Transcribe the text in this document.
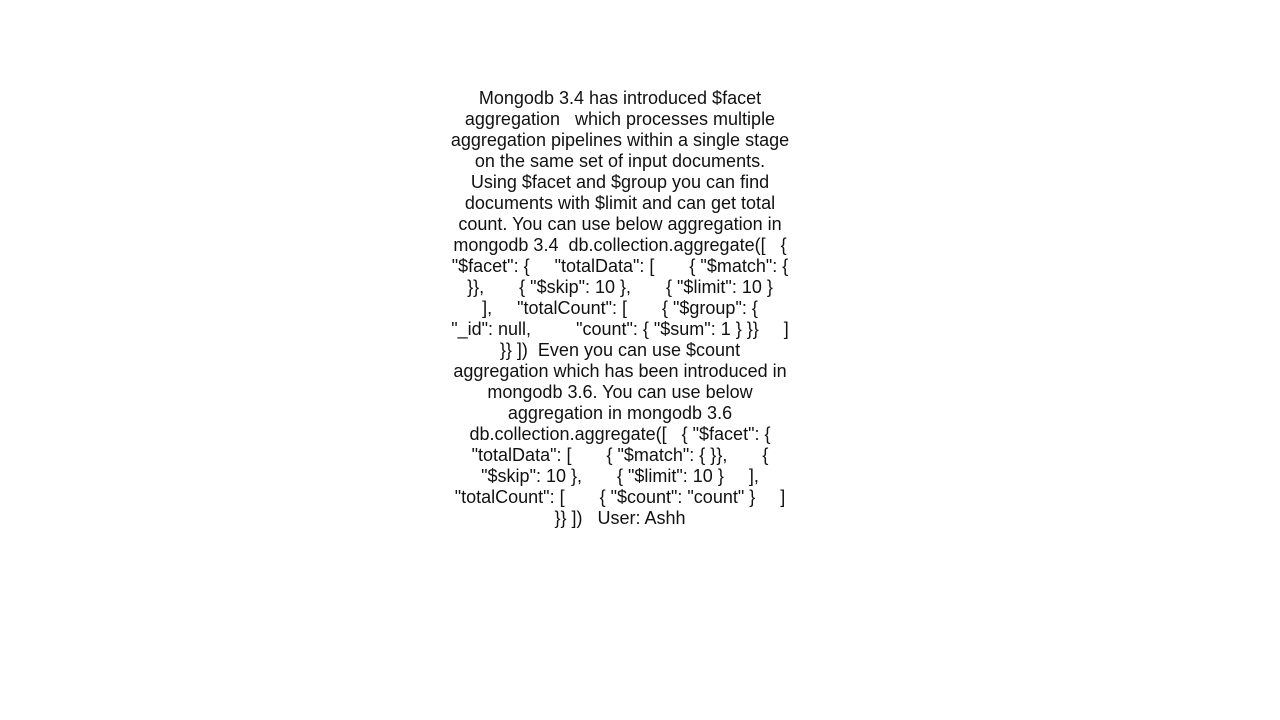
Mongodb 3.4 has introduced $facet aggregation   which processes multiple aggregation pipelines within a single stage   on the same set of input documents.  Using $facet and $group you can find documents with $limit and can get total count. You can use below aggregation in mongodb 3.4  db.collection.aggregate([   { "$facet": {     "totalData": [       { "$match": { }},       { "$skip": 10 },       { "$limit": 10 }     ],     "totalCount": [       { "$group": {         "_id": null,         "count": { "$sum": 1 } }}     ]   }} ])  Even you can use $count aggregation which has been introduced in mongodb 3.6. You can use below aggregation in mongodb 3.6  db.collection.aggregate([   { "$facet": {     "totalData": [       { "$match": { }},       { "$skip": 10 },       { "$limit": 10 }     ],     "totalCount": [       { "$count": "count" }     ]   }} ])   User: Ashh
